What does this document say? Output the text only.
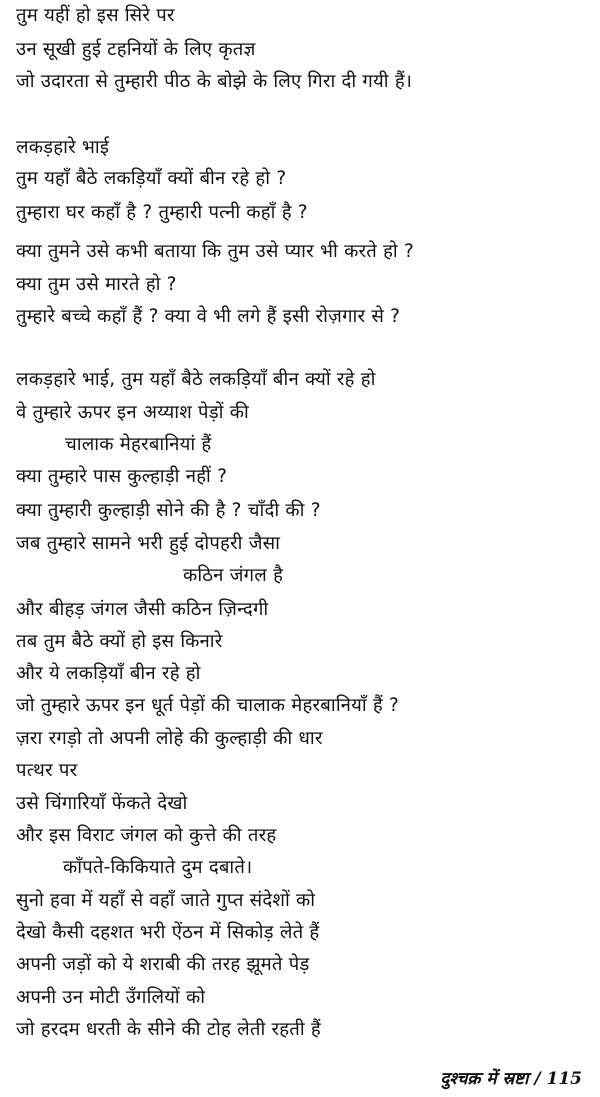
तुम यहीं हो इस सिरे पर
उन सूखी हुई टहनियों के लिए कृतज्ञ
जो उदारता से तुम्हारी पीठ के बोझे के लिए गिरा दी गयी हैं।
लकड़हारे भाई
तुम यहाँ बैठे लकड़ियाँ क्यों बीन रहे हो ?
तुम्हारा घर कहाँ है ? तुम्हारी पत्नी कहाँ है ?
क्या तुमने उसे कभी बताया कि तुम उसे प्यार भी करते हो ?
क्या तुम उसे मारते हो ?
तुम्हारे बच्चे कहाँ हैं ? क्या वे भी लगे हैं इसी रोज़गार से ?
लकड़हारे भाई, तुम यहाँ बैठे लकड़ियाँ बीन क्यों रहे हो
वे तुम्हारे ऊपर इन अय्याश पेड़ों की
चालाक मेहरबानियां हैं
क्या तुम्हारे पास कुल्हाड़ी नहीं ?
क्या तुम्हारी कुल्हाड़ी सोने की है ? चाँदी की ?
जब तुम्हारे सामने भरी हुई दोपहरी जैसा
कठिन जंगल है
और बीहड़ जंगल जैसी कठिन ज़िन्दगी
तब तुम बैठे क्यों हो इस किनारे
और ये लकड़ियाँ बीन रहे हो
जो तुम्हारे ऊपर इन धूर्त पेड़ों की चालाक मेहरबानियाँ हैं ?
ज़रा रगड़ो तो अपनी लोहे की कुल्हाड़ी की धार
पत्थर पर
उसे चिंगारियाँ फेंकते देखो
और इस विराट जंगल को कुत्ते की तरह
काँपते-किकियाते दुम दबाते।
सुनो हवा में यहाँ से वहाँ जाते गुप्त संदेशों को
देखो कैसी दहशत भरी ऐंठन में सिकोड़ लेते हैं
अपनी जड़ों को ये शराबी की तरह झूमते पेड़
अपनी उन मोटी उँगलियों को
जो हरदम धरती के सीने की टोह लेती रहती हैं
दुश्चक्र में स्रष्टा / 115
